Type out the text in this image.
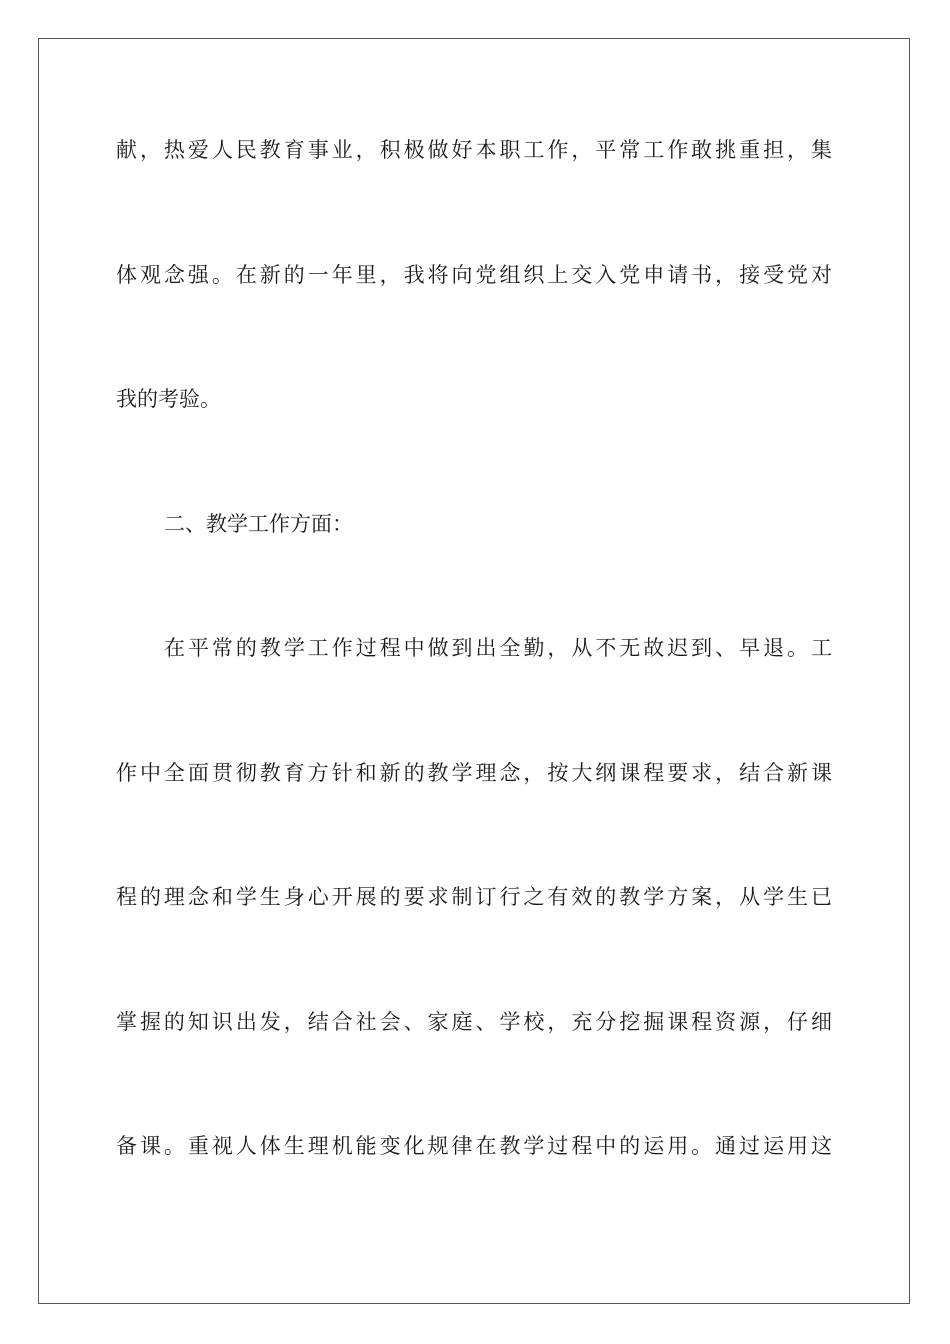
献，热爱人民教育事业，积极做好本职工作，平常工作敢挑重担，集
体观念强。在新的一年里，我将向党组织上交入党申请书，接受党对
我的考验。
二、教学工作方面：
在平常的教学工作过程中做到出全勤，从不无故迟到、早退。工
作中全面贯彻教育方针和新的教学理念，按大纲课程要求，结合新课
程的理念和学生身心开展的要求制订行之有效的教学方案，从学生已
掌握的知识出发，结合社会、家庭、学校，充分挖掘课程资源，仔细
备课。重视人体生理机能变化规律在教学过程中的运用。通过运用这
